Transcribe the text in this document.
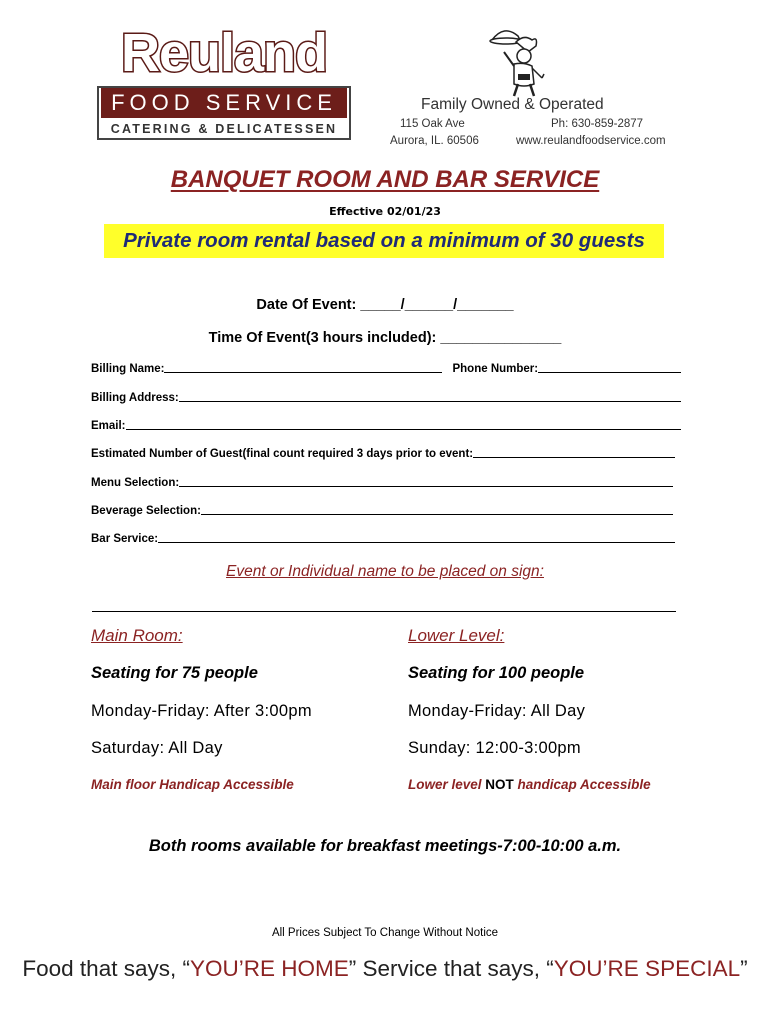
Reuland
FOOD SERVICE
CATERING & DELICATESSEN
Family Owned & Operated
115 Oak Ave
Aurora, IL. 60506
Ph: 630-859-2877
www.reulandfoodservice.com
BANQUET ROOM AND BAR SERVICE
Effective 02/01/23
Private room rental based on a minimum of 30 guests
Date Of Event: _____/______/_______
Time Of Event(3 hours included): _______________
Billing Name:	Phone Number:
Billing Address:
Email:
Estimated Number of Guest(final count required 3 days prior to event:
Menu Selection:
Beverage Selection:
Bar Service:
Event or Individual name to be placed on sign:
Main Room:
Seating for 75 people
Monday-Friday: After 3:00pm
Saturday: All Day
Main floor Handicap Accessible
Lower Level:
Seating for 100 people
Monday-Friday: All Day
Sunday: 12:00-3:00pm
Lower level NOT handicap Accessible
Both rooms available for breakfast meetings-7:00-10:00 a.m.
All Prices Subject To Change Without Notice
Food that says, “YOU’RE HOME” Service that says, “YOU’RE SPECIAL”
